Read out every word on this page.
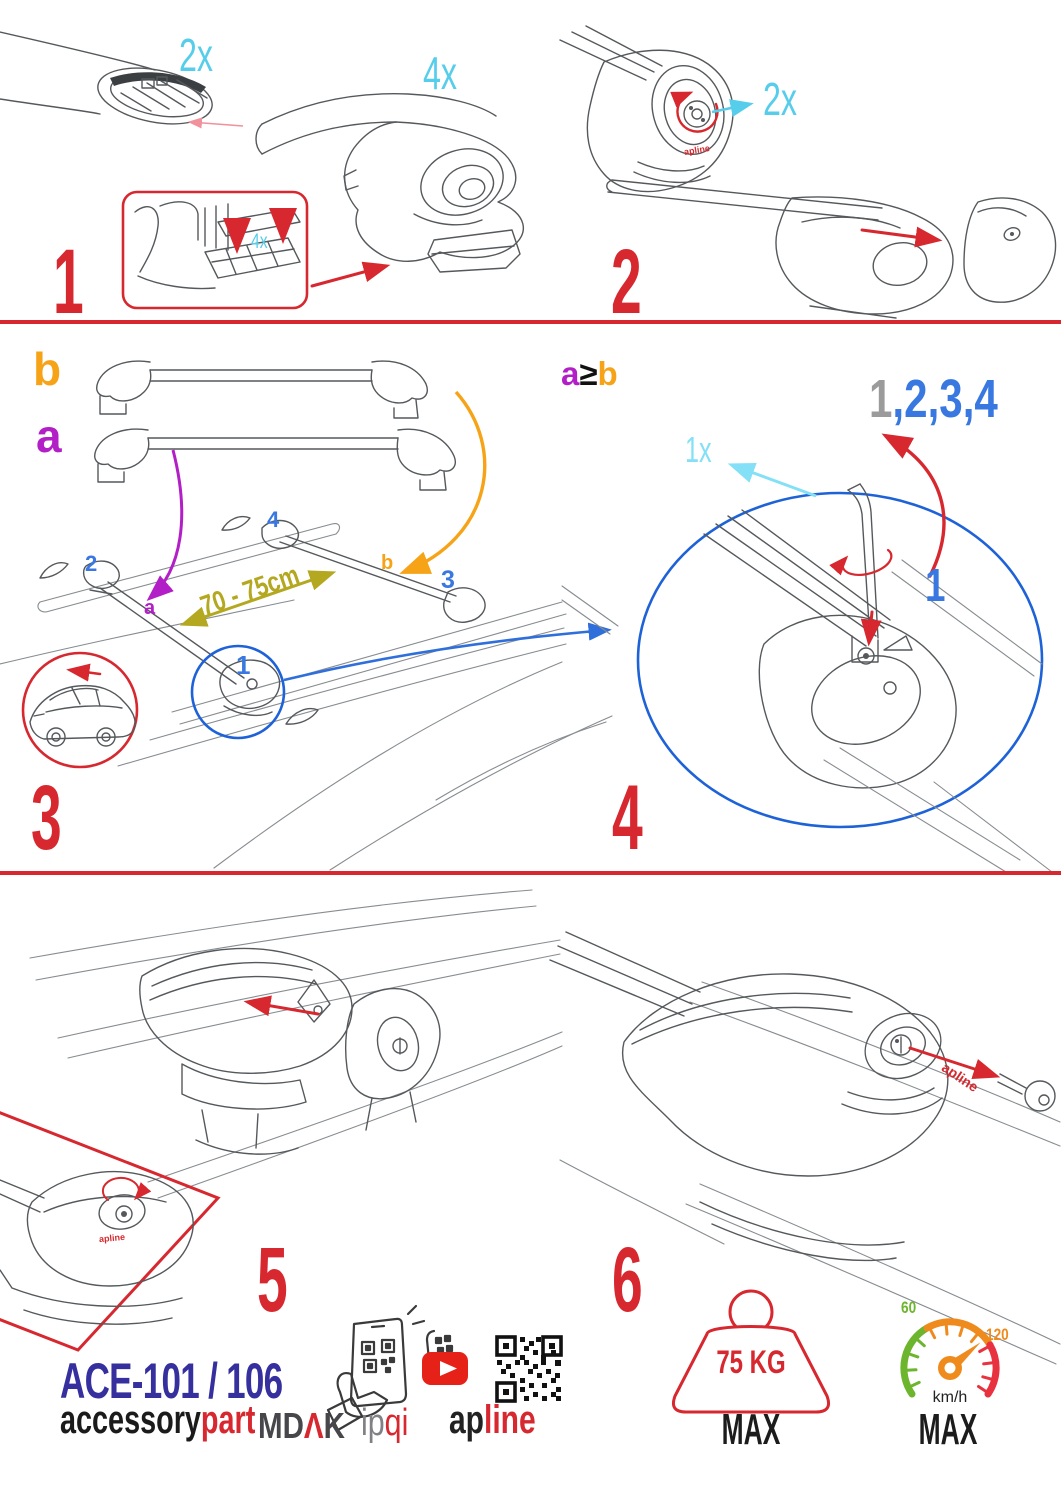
2x	4x
4x
1
2x
apline
2
b
a
2
4
3
b
a
1
70 - 75cm
3
a≥b	1,2,3,4
1x
1
4
apline 5
apline
6
ACE-101 / 106
accessorypart MDΛK ipqi apline
75 KG
MAX
60
120
km/h
MAX
